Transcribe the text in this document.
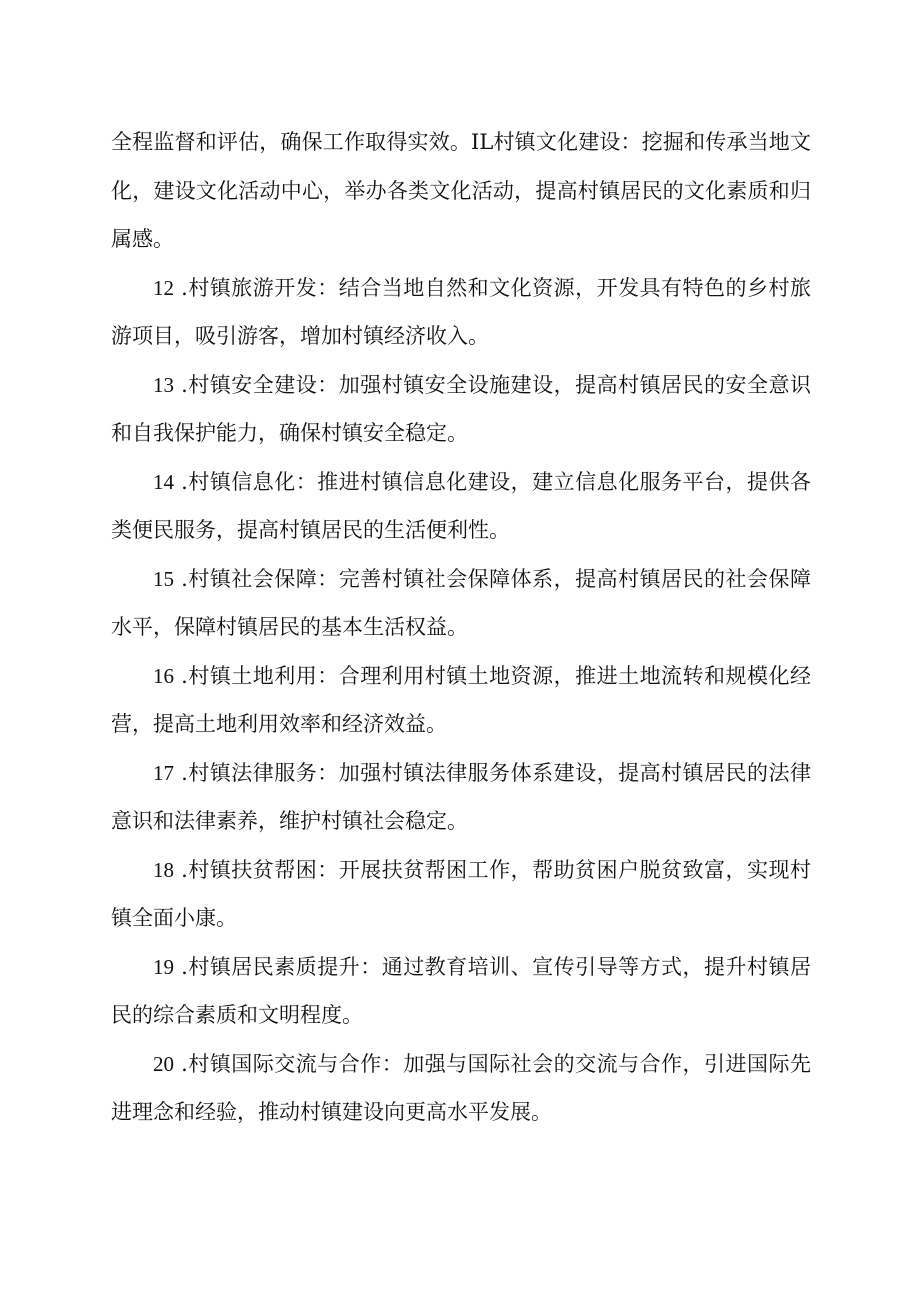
全程监督和评估，确保工作取得实效。IL村镇文化建设：挖掘和传承当地文化，建设文化活动中心，举办各类文化活动，提高村镇居民的文化素质和归属感。

12 .村镇旅游开发：结合当地自然和文化资源，开发具有特色的乡村旅游项目，吸引游客，增加村镇经济收入。

13 .村镇安全建设：加强村镇安全设施建设，提高村镇居民的安全意识和自我保护能力，确保村镇安全稳定。

14 .村镇信息化：推进村镇信息化建设，建立信息化服务平台，提供各类便民服务，提高村镇居民的生活便利性。

15 .村镇社会保障：完善村镇社会保障体系，提高村镇居民的社会保障水平，保障村镇居民的基本生活权益。

16 .村镇土地利用：合理利用村镇土地资源，推进土地流转和规模化经营，提高土地利用效率和经济效益。

17 .村镇法律服务：加强村镇法律服务体系建设，提高村镇居民的法律意识和法律素养，维护村镇社会稳定。

18 .村镇扶贫帮困：开展扶贫帮困工作，帮助贫困户脱贫致富，实现村镇全面小康。

19 .村镇居民素质提升：通过教育培训、宣传引导等方式，提升村镇居民的综合素质和文明程度。

20 .村镇国际交流与合作：加强与国际社会的交流与合作，引进国际先进理念和经验，推动村镇建设向更高水平发展。
